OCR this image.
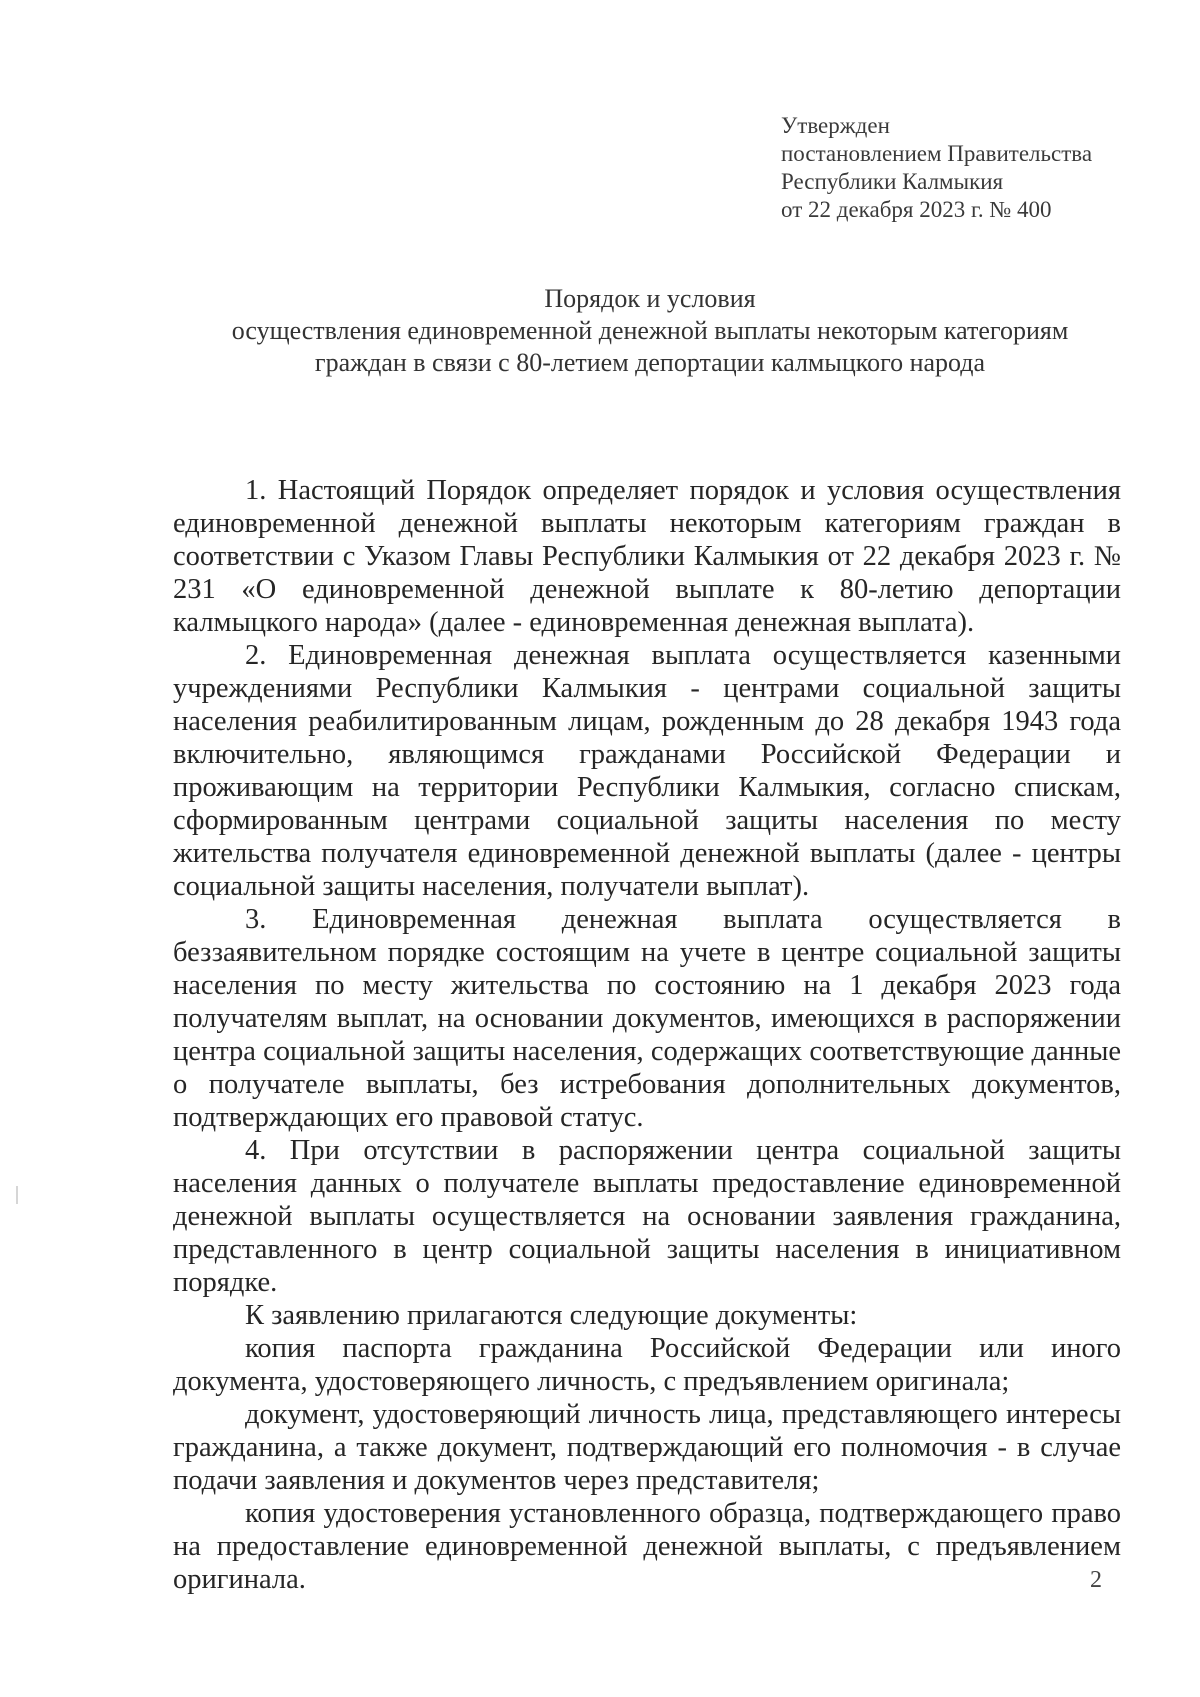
Утвержден
постановлением Правительства
Республики Калмыкия
от 22 декабря 2023 г. № 400
Порядок и условия
осуществления единовременной денежной выплаты некоторым категориям
граждан в связи с 80-летием депортации калмыцкого народа

1. Настоящий Порядок определяет порядок и условия осуществления единовременной денежной выплаты некоторым категориям граждан в соответствии с Указом Главы Республики Калмыкия от 22 декабря 2023 г. № 231 «О единовременной денежной выплате к 80-летию депортации калмыцкого народа» (далее - единовременная денежная выплата).

2. Единовременная денежная выплата осуществляется казенными учреждениями Республики Калмыкия - центрами социальной защиты населения реабилитированным лицам, рожденным до 28 декабря 1943 года включительно, являющимся гражданами Российской Федерации и проживающим на территории Республики Калмыкия, согласно спискам, сформированным центрами социальной защиты населения по месту жительства получателя единовременной денежной выплаты (далее - центры социальной защиты населения, получатели выплат).

3. Единовременная денежная выплата осуществляется в беззаявительном порядке состоящим на учете в центре социальной защиты населения по месту жительства по состоянию на 1 декабря 2023 года получателям выплат, на основании документов, имеющихся в распоряжении центра социальной защиты населения, содержащих соответствующие данные о получателе выплаты, без истребования дополнительных документов, подтверждающих его правовой статус.

4. При отсутствии в распоряжении центра социальной защиты населения данных о получателе выплаты предоставление единовременной денежной выплаты осуществляется на основании заявления гражданина, представленного в центр социальной защиты населения в инициативном порядке.

К заявлению прилагаются следующие документы:

копия паспорта гражданина Российской Федерации или иного документа, удостоверяющего личность, с предъявлением оригинала;

документ, удостоверяющий личность лица, представляющего интересы гражданина, а также документ, подтверждающий его полномочия - в случае подачи заявления и документов через представителя;

копия удостоверения установленного образца, подтверждающего право на предоставление единовременной денежной выплаты, с предъявлением оригинала.	2
